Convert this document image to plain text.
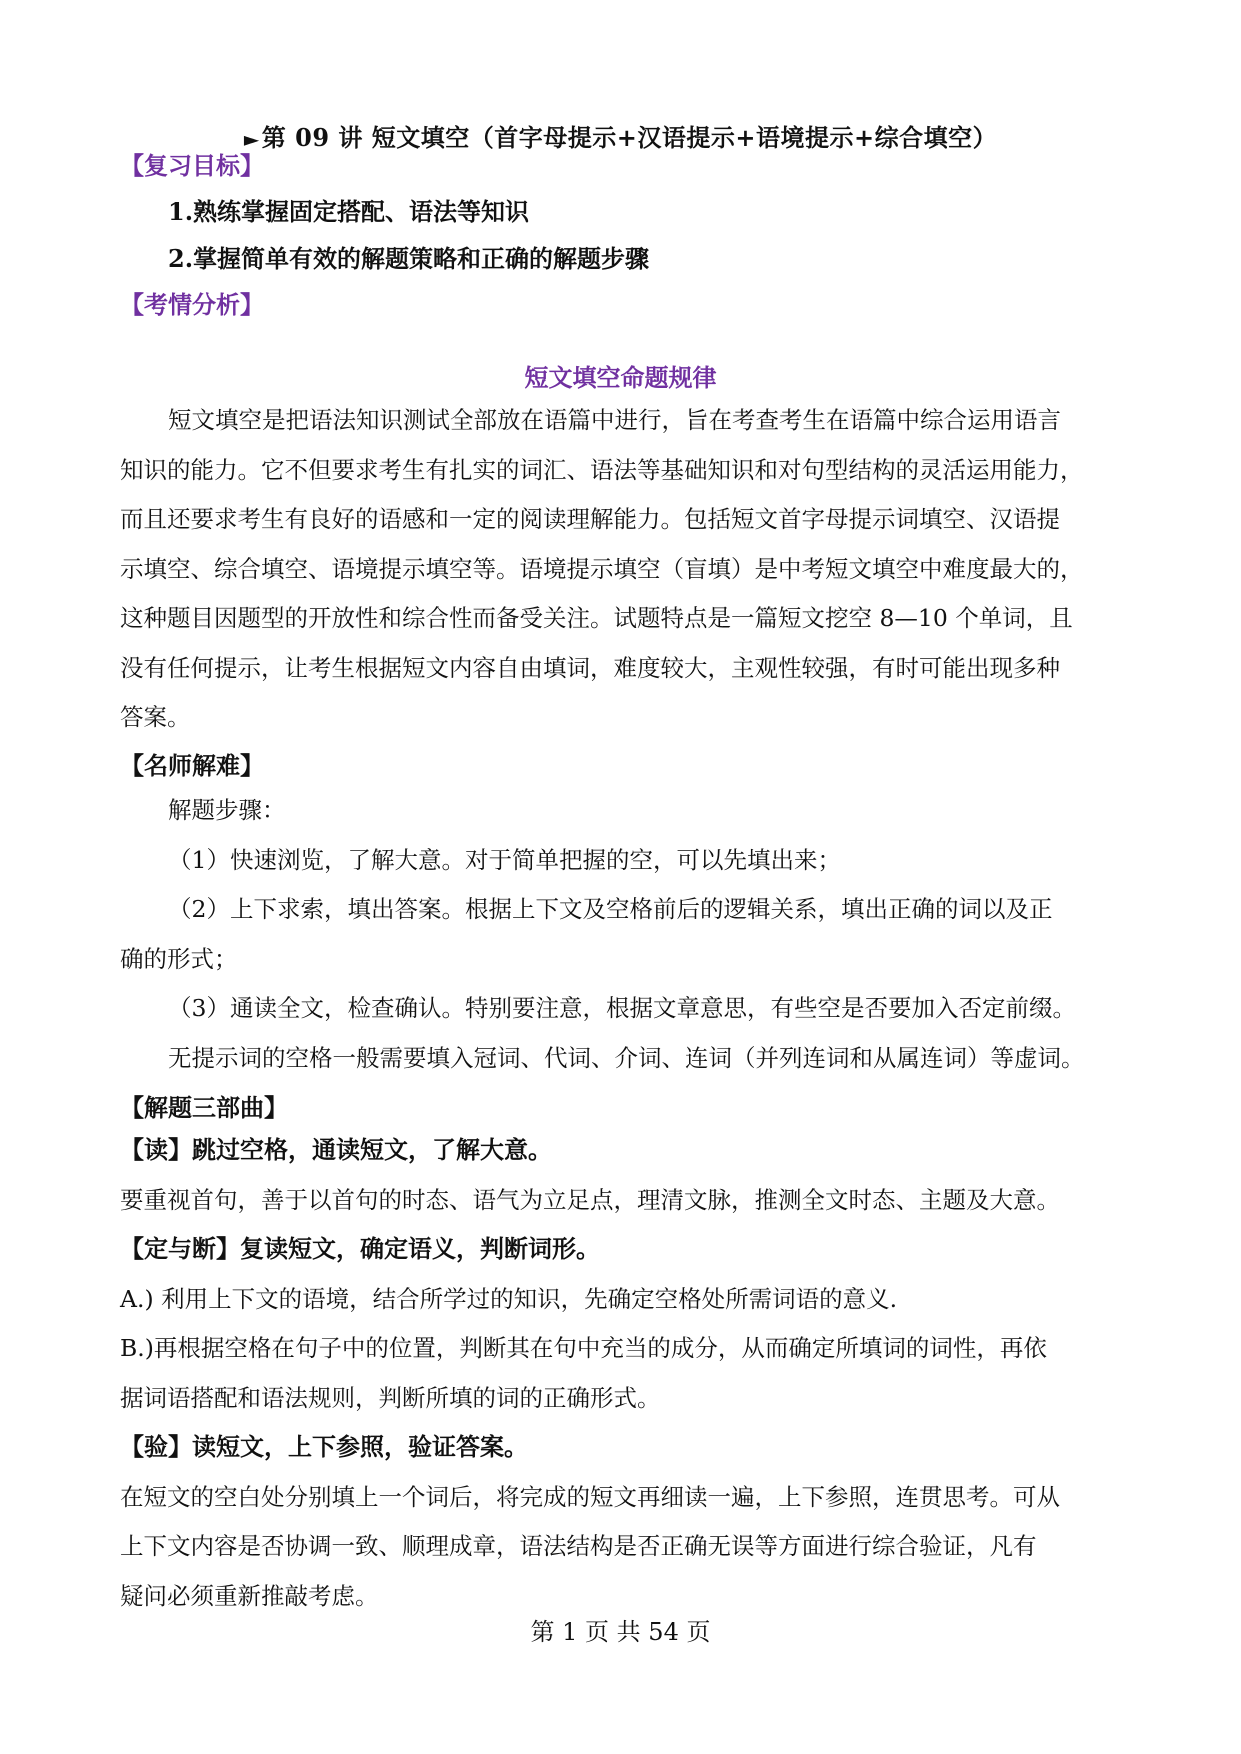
►第 09 讲 短文填空（首字母提示+汉语提示+语境提示+综合填空）
【复习目标】
1.熟练掌握固定搭配、语法等知识
2.掌握简单有效的解题策略和正确的解题步骤
【考情分析】
短文填空命题规律

短文填空是把语法知识测试全部放在语篇中进行，旨在考查考生在语篇中综合运用语言

知识的能力。它不但要求考生有扎实的词汇、语法等基础知识和对句型结构的灵活运用能力，

而且还要求考生有良好的语感和一定的阅读理解能力。包括短文首字母提示词填空、汉语提

示填空、综合填空、语境提示填空等。语境提示填空（盲填）是中考短文填空中难度最大的，

这种题目因题型的开放性和综合性而备受关注。试题特点是一篇短文挖空 8—10 个单词，且

没有任何提示，让考生根据短文内容自由填词，难度较大，主观性较强，有时可能出现多种

答案。

【名师解难】

解题步骤：

（1）快速浏览，了解大意。对于简单把握的空，可以先填出来；

（2）上下求索，填出答案。根据上下文及空格前后的逻辑关系，填出正确的词以及正

确的形式；

（3）通读全文，检查确认。特别要注意，根据文章意思，有些空是否要加入否定前缀。

无提示词的空格一般需要填入冠词、代词、介词、连词（并列连词和从属连词）等虚词。

【解题三部曲】

【读】跳过空格，通读短文，了解大意。

要重视首句，善于以首句的时态、语气为立足点，理清文脉，推测全文时态、主题及大意。

【定与断】复读短文，确定语义，判断词形。

A.) 利用上下文的语境，结合所学过的知识，先确定空格处所需词语的意义.

B.)再根据空格在句子中的位置，判断其在句中充当的成分，从而确定所填词的词性，再依

据词语搭配和语法规则，判断所填的词的正确形式。

【验】读短文，上下参照，验证答案。

在短文的空白处分别填上一个词后，将完成的短文再细读一遍，上下参照，连贯思考。可从

上下文内容是否协调一致、顺理成章，语法结构是否正确无误等方面进行综合验证，凡有

疑问必须重新推敲考虑。

第 1 页 共 54 页
